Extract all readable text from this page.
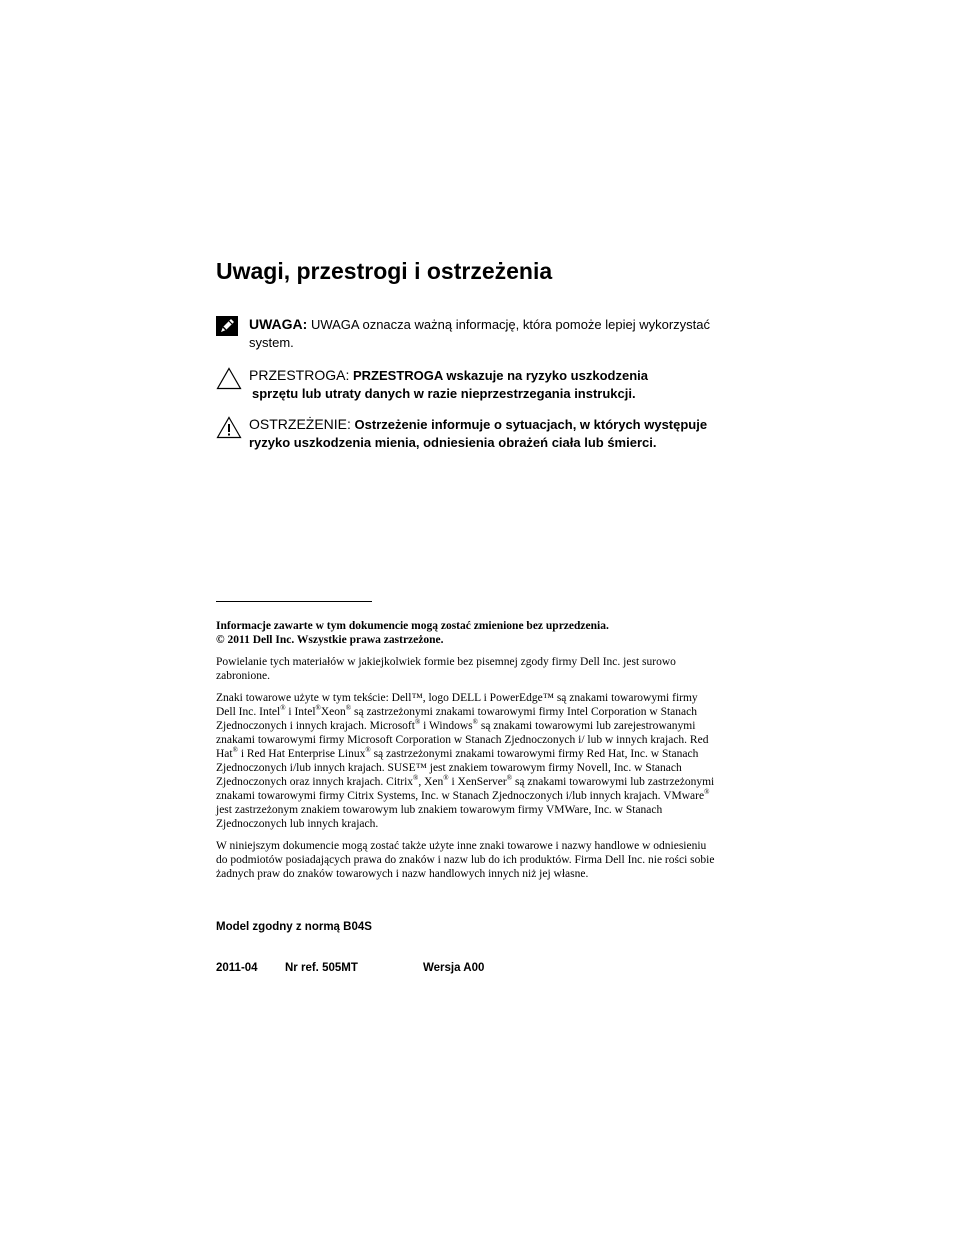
Uwagi, przestrogi i ostrzeżenia
UWAGA: UWAGA oznacza ważną informację, która pomoże lepiej wykorzystać system.
PRZESTROGA: PRZESTROGA wskazuje na ryzyko uszkodzenia
sprzętu lub utraty danych w razie nieprzestrzegania instrukcji.
OSTRZEŻENIE: Ostrzeżenie informuje o sytuacjach, w których występuje ryzyko uszkodzenia mienia, odniesienia obrażeń ciała lub śmierci.

Informacje zawarte w tym dokumencie mogą zostać zmienione bez uprzedzenia.
© 2011 Dell Inc. Wszystkie prawa zastrzeżone.

Powielanie tych materiałów w jakiejkolwiek formie bez pisemnej zgody firmy Dell Inc. jest surowo zabronione.

Znaki towarowe użyte w tym tekście: Dell™, logo DELL i PowerEdge™ są znakami towarowymi firmy Dell Inc. Intel® i Intel®Xeon® są zastrzeżonymi znakami towarowymi firmy Intel Corporation w Stanach Zjednoczonych i innych krajach. Microsoft® i Windows® są znakami towarowymi lub zarejestrowanymi znakami towarowymi firmy Microsoft Corporation w Stanach Zjednoczonych i/ lub w innych krajach. Red Hat® i Red Hat Enterprise Linux® są zastrzeżonymi znakami towarowymi firmy Red Hat, Inc. w Stanach Zjednoczonych i/lub innych krajach. SUSE™ jest znakiem towarowym firmy Novell, Inc. w Stanach Zjednoczonych oraz innych krajach. Citrix®, Xen® i XenServer® są znakami towarowymi lub zastrzeżonymi znakami towarowymi firmy Citrix Systems, Inc. w Stanach Zjednoczonych i/lub innych krajach. VMware® jest zastrzeżonym znakiem towarowym lub znakiem towarowym firmy VMWare, Inc. w Stanach Zjednoczonych lub innych krajach.

W niniejszym dokumencie mogą zostać także użyte inne znaki towarowe i nazwy handlowe w odniesieniu do podmiotów posiadających prawa do znaków i nazw lub do ich produktów. Firma Dell Inc. nie rości sobie żadnych praw do znaków towarowych i nazw handlowych innych niż jej własne.

Model zgodny z normą B04S

2011-04 Nr ref. 505MT	Wersja A00
